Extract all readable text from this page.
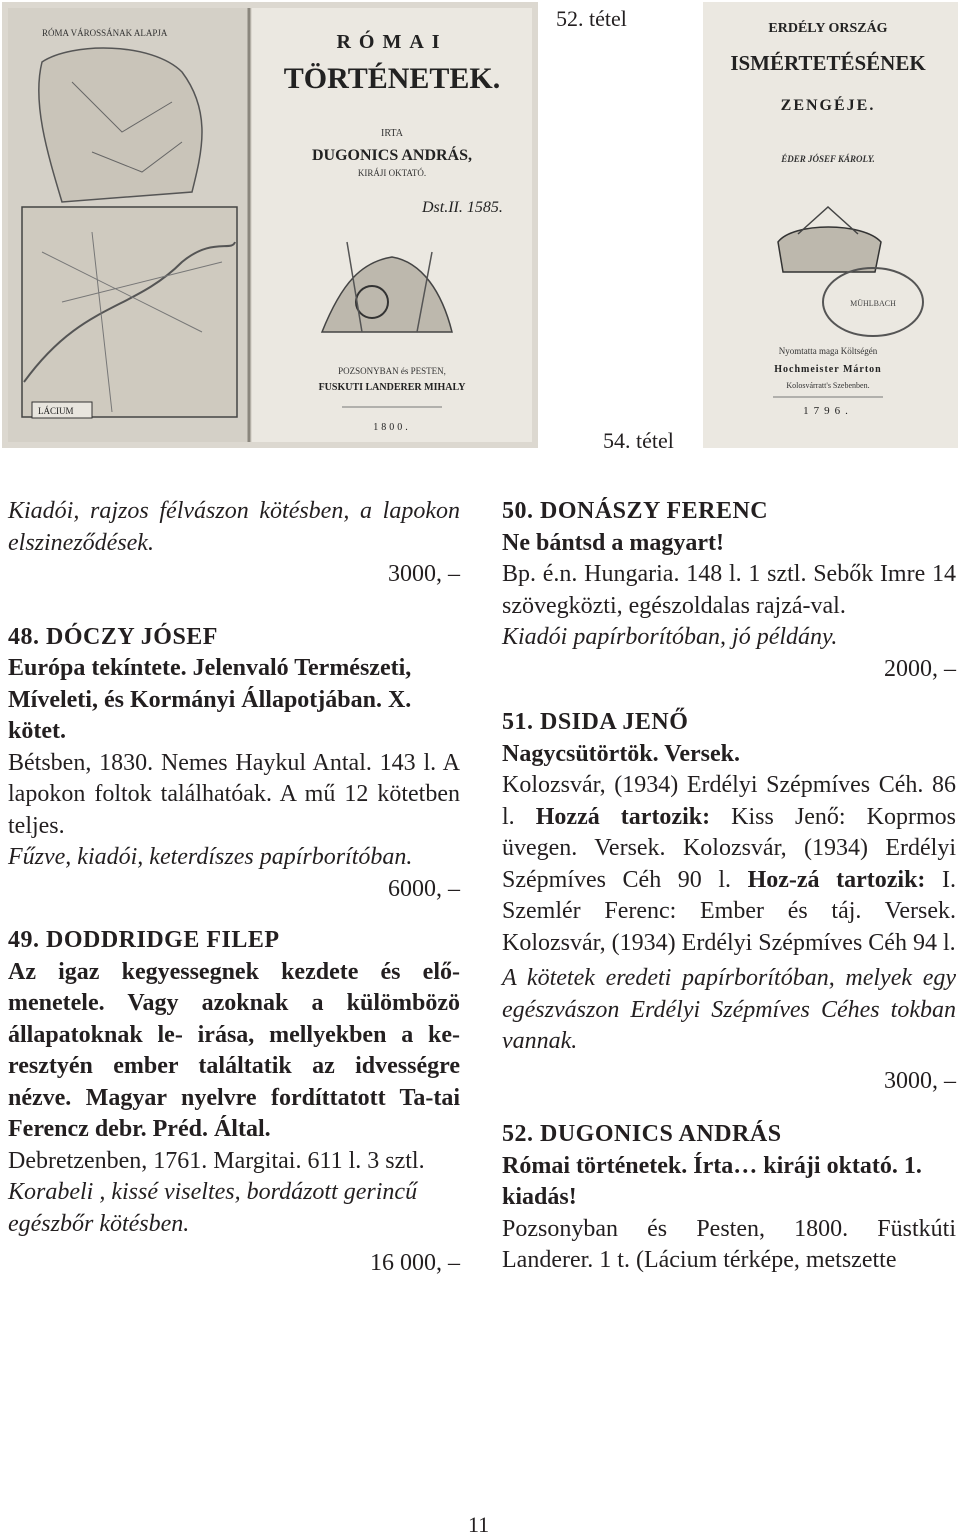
RÓMA VÁROSSÁNAK ALAPJA
LÁCIUM
RÓMAI
TÖRTÉNETEK.
IRTA
DUGONICS ANDRÁS,
KIRÁJI OKTATÓ.
Dst.II. 1585.
POZSONYBAN és PESTEN,
FUSKUTI LANDERER MIHALY
1800.
52. tétel	ERDÉLY ORSZÁG
ISMÉRTETÉSÉNEK
ZENGÉJE.
ÉDER JÓSEF KÁROLY.
MÜHLBACH
Nyomtatta maga Költségén
Hochmeister Márton
Kolosvárratt's Szebenben.
1796.
54. tétel

Kiadói, rajzos félvászon kötésben, a lapokon elszineződések.

3000, –

48. DÓCZY JÓSEF

Európa tekíntete. Jelenvaló Természeti, Míveleti, és Kormányi Állapotjában. X. kötet.

Bétsben, 1830. Nemes Haykul Antal. 143 l. A lapokon foltok találhatóak. A mű 12 kötetben teljes.

Fűzve, kiadói, keterdíszes papírborítóban.

6000, –

49. DODDRIDGE FILEP

Az igaz kegyessegnek kezdete és elő-menetele. Vagy azoknak a külömbözö állapatoknak le- irása, mellyekben a ke-resztyén ember találtatik az idvességre nézve. Magyar nyelvre fordíttatott Ta-tai Ferencz debr. Préd. Által.

Debretzenben, 1761. Margitai. 611 l. 3 sztl.

Korabeli , kissé viseltes, bordázott gerincű egészbőr kötésben.

16 000, –

50. DONÁSZY FERENC

Ne bántsd a magyart!

Bp. é.n. Hungaria. 148 l. 1 sztl. Sebők Imre 14 szövegközti, egészoldalas rajzá-val.

Kiadói papírborítóban, jó példány.

2000, –

51. DSIDA JENŐ

Nagycsütörtök. Versek.

Kolozsvár, (1934) Erdélyi Szépmíves Céh. 86 l. Hozzá tartozik: Kiss Jenő: Koprmos üvegen. Versek. Kolozsvár, (1934) Erdélyi Szépmíves Céh 90 l. Hoz-zá tartozik: I. Szemlér Ferenc: Ember és táj. Versek. Kolozsvár, (1934) Erdélyi Szépmíves Céh 94 l.

A kötetek eredeti papírborítóban, melyek egy egészvászon Erdélyi Szépmíves Céhes tokban vannak.

3000, –

52. DUGONICS ANDRÁS

Római történetek. Írta… kiráji oktató. 1. kiadás!

Pozsonyban és Pesten, 1800. Füstkúti Landerer. 1 t. (Lácium térképe, metszette

11
